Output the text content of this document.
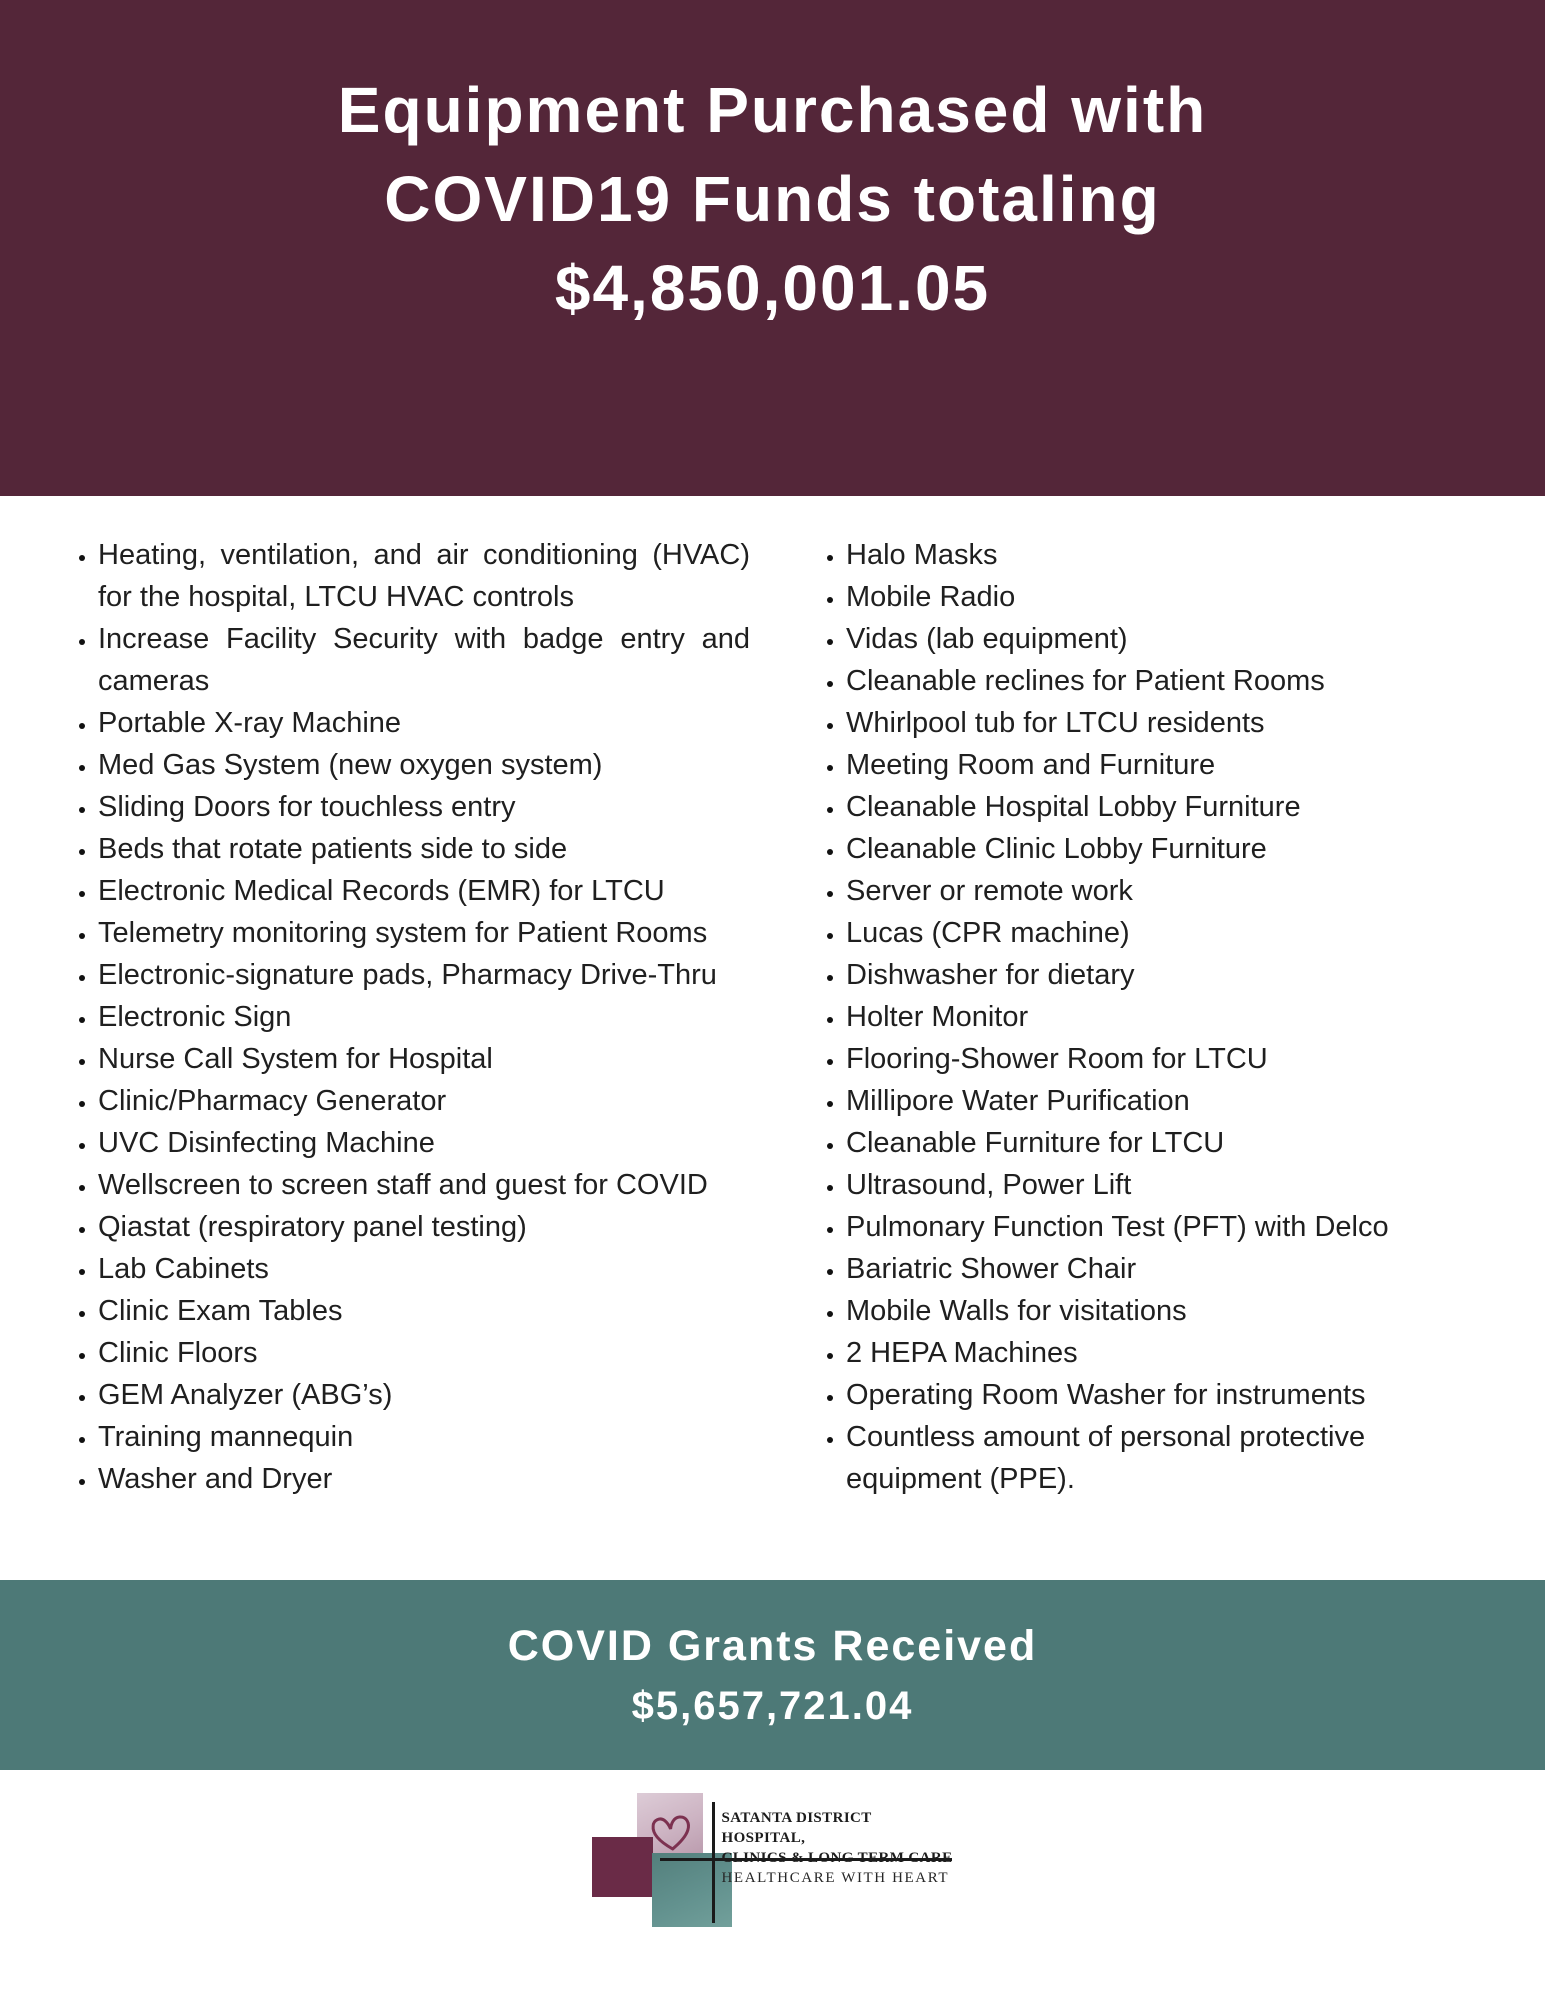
Equipment Purchased with
COVID19 Funds totaling
$4,850,001.05
• Heating, ventilation, and air conditioning (HVAC) for the hospital, LTCU HVAC controls
• Increase Facility Security with badge entry and cameras
• Portable X-ray Machine
• Med Gas System (new oxygen system)
• Sliding Doors for touchless entry
• Beds that rotate patients side to side
• Electronic Medical Records (EMR) for LTCU
• Telemetry monitoring system for Patient Rooms
• Electronic-signature pads, Pharmacy Drive-Thru
• Electronic Sign
• Nurse Call System for Hospital
• Clinic/Pharmacy Generator
• UVC Disinfecting Machine
• Wellscreen to screen staff and guest for COVID
• Qiastat (respiratory panel testing)
• Lab Cabinets
• Clinic Exam Tables
• Clinic Floors
• GEM Analyzer (ABG’s)
• Training mannequin
• Washer and Dryer
• Halo Masks
• Mobile Radio
• Vidas (lab equipment)
• Cleanable reclines for Patient Rooms
• Whirlpool tub for LTCU residents
• Meeting Room and Furniture
• Cleanable Hospital Lobby Furniture
• Cleanable Clinic Lobby Furniture
• Server or remote work
• Lucas (CPR machine)
• Dishwasher for dietary
• Holter Monitor
• Flooring-Shower Room for LTCU
• Millipore Water Purification
• Cleanable Furniture for LTCU
• Ultrasound, Power Lift
• Pulmonary Function Test (PFT) with Delco
• Bariatric Shower Chair
• Mobile Walls for visitations
• 2 HEPA Machines
• Operating Room Washer for instruments
• Countless amount of personal protective equipment (PPE).
COVID Grants Received
$5,657,721.04
SATANTA DISTRICT HOSPITAL,
CLINICS & LONG TERM CARE
HEALTHCARE WITH HEART
